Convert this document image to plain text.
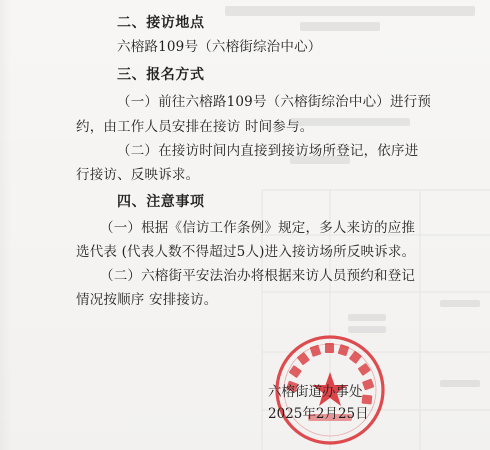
二、接访地点
六榕路109号（六榕街综治中心）
三、报名方式
（一）前往六榕路109号（六榕街综治中心）进行预
约，由工作人员安排在接访 时间参与。
（二）在接访时间内直接到接访场所登记，依序进
行接访、反映诉求。
四、注意事项
（一）根据《信访工作条例》规定，多人来访的应推
选代表 (代表人数不得超过5人)进入接访场所反映诉求。
（二）六榕街平安法治办将根据来访人员预约和登记
情况按顺序 安排接访。
六榕街道办事处
2025年2月25日
